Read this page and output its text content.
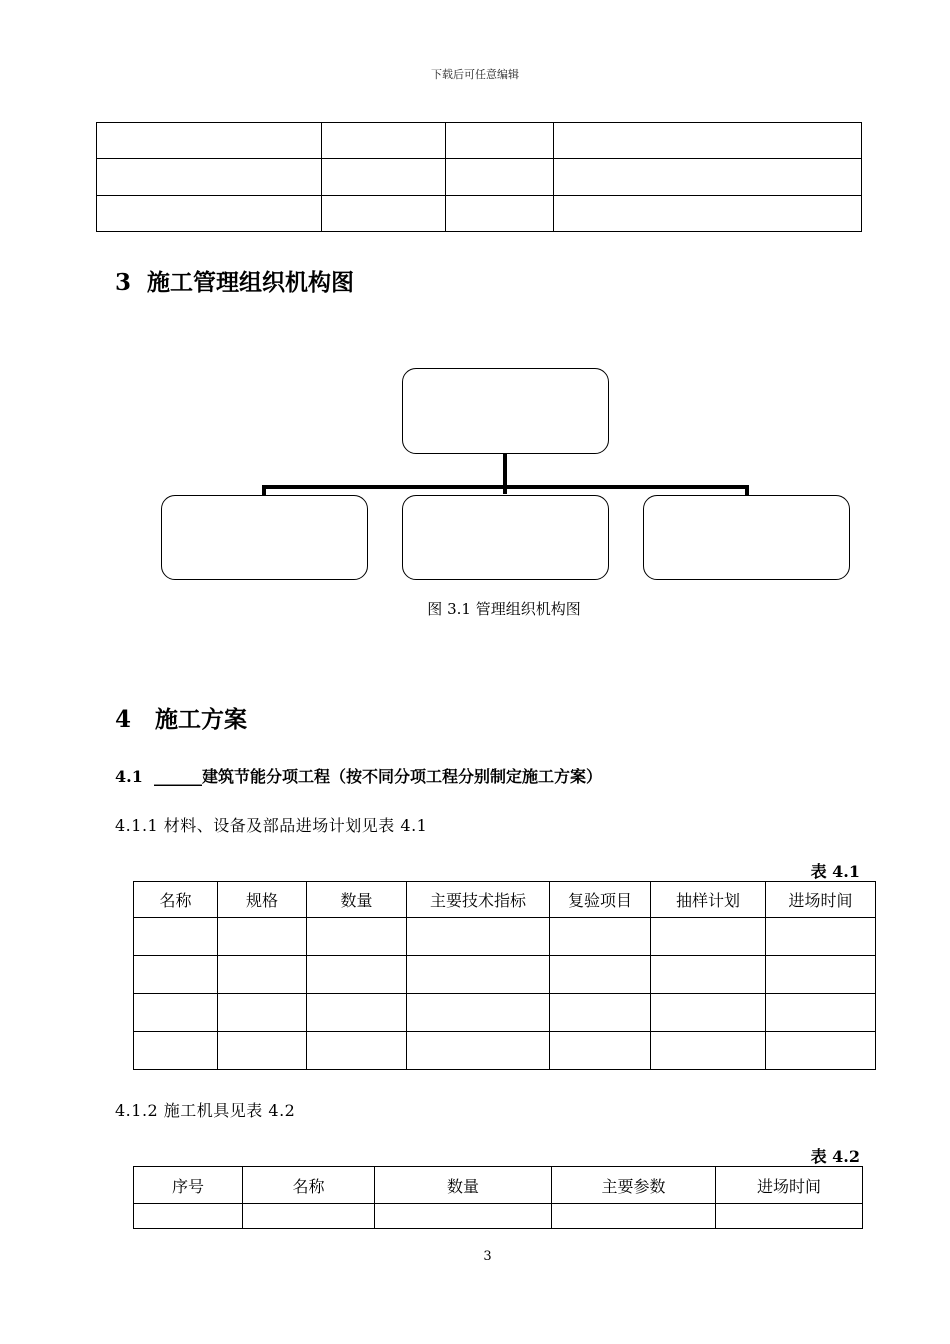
下载后可任意编辑

3  施工管理组织机构图
图 3.1 管理组织机构图
4   施工方案
4.1  ______建筑节能分项工程（按不同分项工程分别制定施工方案）
4.1.1 材料、设备及部品进场计划见表 4.1
表 4.1
名称	规格	数量	主要技术指标	复验项目	抽样计划	进场时间

4.1.2 施工机具见表 4.2
表 4.2
序号	名称	数量	主要参数	进场时间

3
